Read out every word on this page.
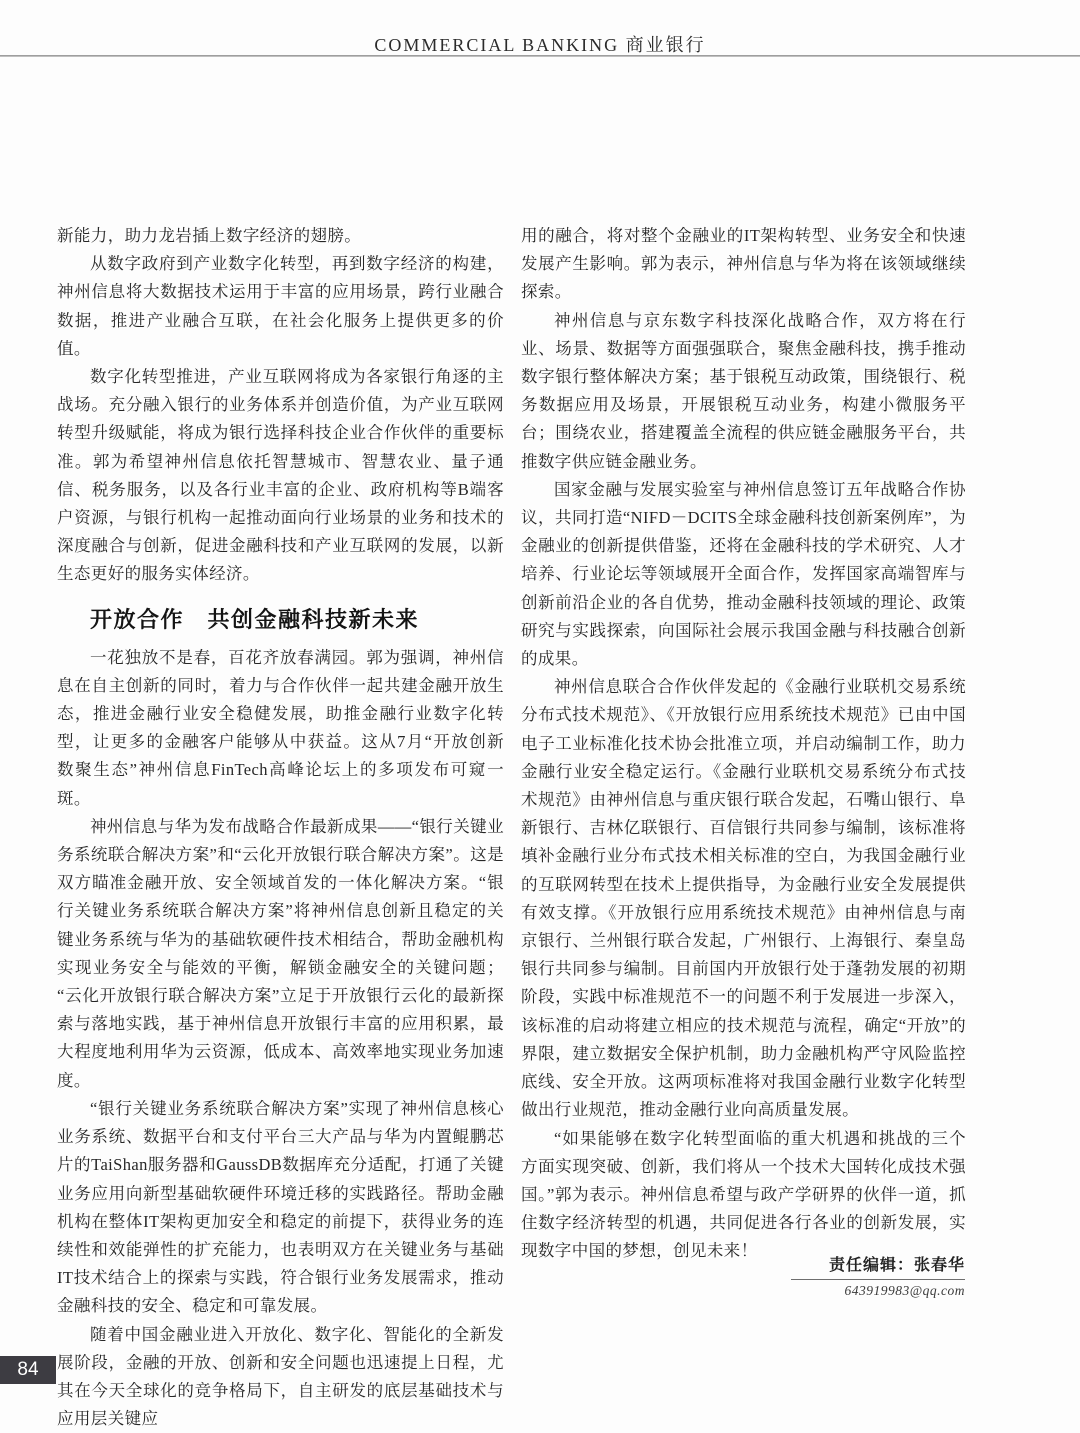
COMMERCIAL BANKING 商业银行

新能力，助力龙岩插上数字经济的翅膀。

从数字政府到产业数字化转型，再到数字经济的构建，神州信息将大数据技术运用于丰富的应用场景，跨行业融合数据，推进产业融合互联，在社会化服务上提供更多的价值。

数字化转型推进，产业互联网将成为各家银行角逐的主战场。充分融入银行的业务体系并创造价值，为产业互联网转型升级赋能，将成为银行选择科技企业合作伙伴的重要标准。郭为希望神州信息依托智慧城市、智慧农业、量子通信、税务服务，以及各行业丰富的企业、政府机构等B端客户资源，与银行机构一起推动面向行业场景的业务和技术的深度融合与创新，促进金融科技和产业互联网的发展，以新生态更好的服务实体经济。

开放合作　共创金融科技新未来

一花独放不是春，百花齐放春满园。郭为强调，神州信息在自主创新的同时，着力与合作伙伴一起共建金融开放生态，推进金融行业安全稳健发展，助推金融行业数字化转型，让更多的金融客户能够从中获益。这从7月“开放创新　数聚生态”神州信息FinTech高峰论坛上的多项发布可窥一斑。

神州信息与华为发布战略合作最新成果——“银行关键业务系统联合解决方案”和“云化开放银行联合解决方案”。这是双方瞄准金融开放、安全领域首发的一体化解决方案。“银行关键业务系统联合解决方案”将神州信息创新且稳定的关键业务系统与华为的基础软硬件技术相结合，帮助金融机构实现业务安全与能效的平衡，解锁金融安全的关键问题；“云化开放银行联合解决方案”立足于开放银行云化的最新探索与落地实践，基于神州信息开放银行丰富的应用积累，最大程度地利用华为云资源，低成本、高效率地实现业务加速度。

“银行关键业务系统联合解决方案”实现了神州信息核心业务系统、数据平台和支付平台三大产品与华为内置鲲鹏芯片的TaiShan服务器和GaussDB数据库充分适配，打通了关键业务应用向新型基础软硬件环境迁移的实践路径。帮助金融机构在整体IT架构更加安全和稳定的前提下，获得业务的连续性和效能弹性的扩充能力，也表明双方在关键业务与基础IT技术结合上的探索与实践，符合银行业务发展需求，推动金融科技的安全、稳定和可靠发展。

随着中国金融业进入开放化、数字化、智能化的全新发展阶段，金融的开放、创新和安全问题也迅速提上日程，尤其在今天全球化的竞争格局下，自主研发的底层基础技术与应用层关键应

用的融合，将对整个金融业的IT架构转型、业务安全和快速发展产生影响。郭为表示，神州信息与华为将在该领域继续探索。

神州信息与京东数字科技深化战略合作，双方将在行业、场景、数据等方面强强联合，聚焦金融科技，携手推动数字银行整体解决方案；基于银税互动政策，围绕银行、税务数据应用及场景，开展银税互动业务，构建小微服务平台；围绕农业，搭建覆盖全流程的供应链金融服务平台，共推数字供应链金融业务。

国家金融与发展实验室与神州信息签订五年战略合作协议，共同打造“NIFD－DCITS全球金融科技创新案例库”，为金融业的创新提供借鉴，还将在金融科技的学术研究、人才培养、行业论坛等领域展开全面合作，发挥国家高端智库与创新前沿企业的各自优势，推动金融科技领域的理论、政策研究与实践探索，向国际社会展示我国金融与科技融合创新的成果。

神州信息联合合作伙伴发起的《金融行业联机交易系统分布式技术规范》、《开放银行应用系统技术规范》已由中国电子工业标准化技术协会批准立项，并启动编制工作，助力金融行业安全稳定运行。《金融行业联机交易系统分布式技术规范》由神州信息与重庆银行联合发起，石嘴山银行、阜新银行、吉林亿联银行、百信银行共同参与编制，该标准将填补金融行业分布式技术相关标准的空白，为我国金融行业的互联网转型在技术上提供指导，为金融行业安全发展提供有效支撑。《开放银行应用系统技术规范》由神州信息与南京银行、兰州银行联合发起，广州银行、上海银行、秦皇岛银行共同参与编制。目前国内开放银行处于蓬勃发展的初期阶段，实践中标准规范不一的问题不利于发展进一步深入，该标准的启动将建立相应的技术规范与流程，确定“开放”的界限，建立数据安全保护机制，助力金融机构严守风险监控底线、安全开放。这两项标准将对我国金融行业数字化转型做出行业规范，推动金融行业向高质量发展。

“如果能够在数字化转型面临的重大机遇和挑战的三个方面实现突破、创新，我们将从一个技术大国转化成技术强国。”郭为表示。神州信息希望与政产学研界的伙伴一道，抓住数字经济转型的机遇，共同促进各行各业的创新发展，实现数字中国的梦想，创见未来！

责任编辑：张春华
643919983@qq.com
84
